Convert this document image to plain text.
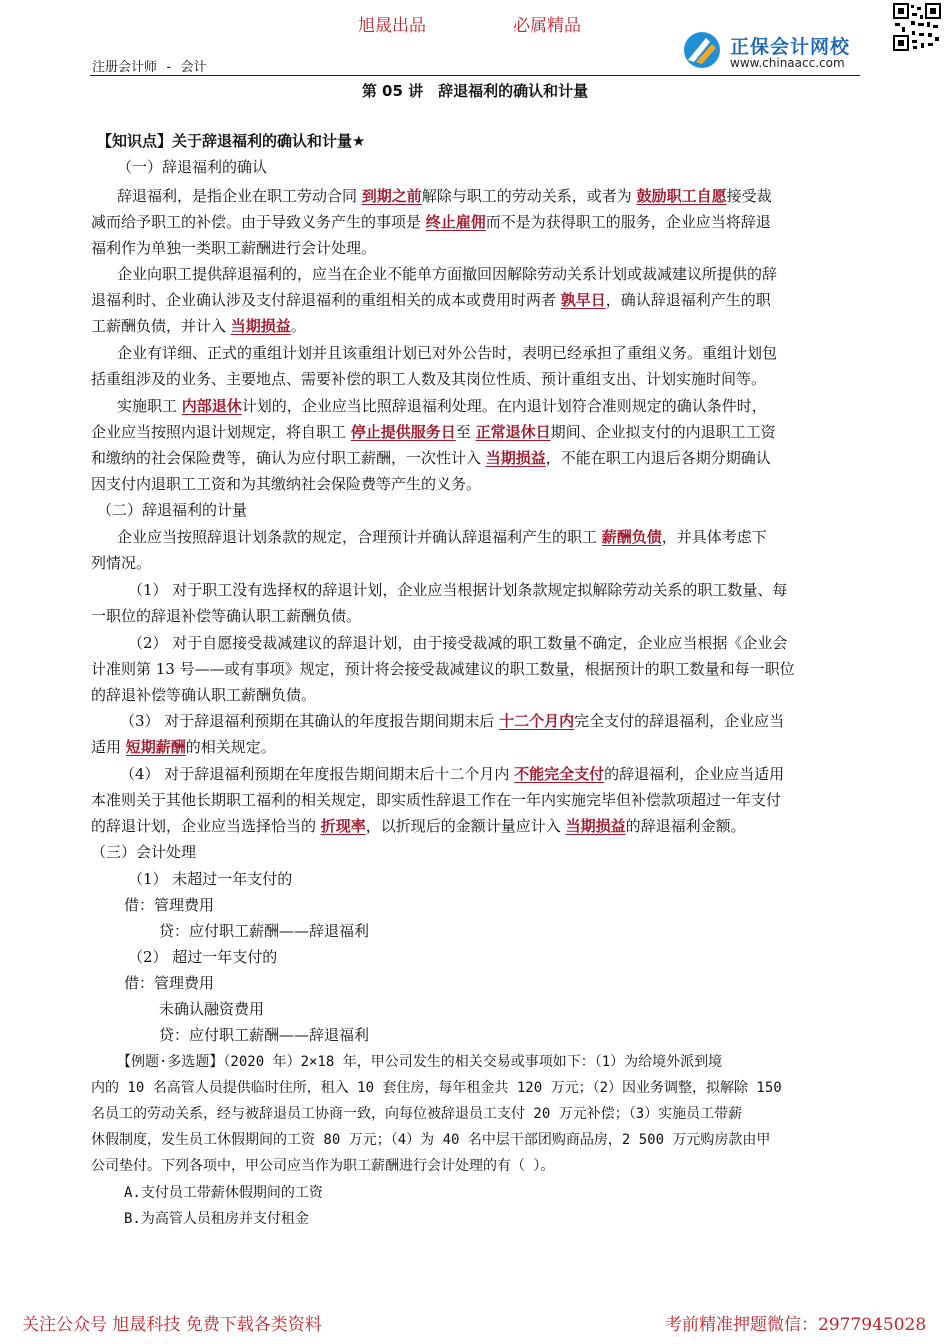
旭晟出品	必属精品
正保会计网校
www.chinaacc.com
注册会计师 - 会计
第 05 讲　辞退福利的确认和计量
【知识点】关于辞退福利的确认和计量★
（一）辞退福利的确认
辞退福利，是指企业在职工劳动合同 到期之前解除与职工的劳动关系，或者为 鼓励职工自愿接受裁
减而给予职工的补偿。由于导致义务产生的事项是 终止雇佣而不是为获得职工的服务，企业应当将辞退
福利作为单独一类职工薪酬进行会计处理。
企业向职工提供辞退福利的，应当在企业不能单方面撤回因解除劳动关系计划或裁减建议所提供的辞
退福利时、企业确认涉及支付辞退福利的重组相关的成本或费用时两者 孰早日，确认辞退福利产生的职
工薪酬负债，并计入 当期损益。
企业有详细、正式的重组计划并且该重组计划已对外公告时，表明已经承担了重组义务。重组计划包
括重组涉及的业务、主要地点、需要补偿的职工人数及其岗位性质、预计重组支出、计划实施时间等。
实施职工 内部退休计划的，企业应当比照辞退福利处理。在内退计划符合准则规定的确认条件时，
企业应当按照内退计划规定，将自职工 停止提供服务日至 正常退休日期间、企业拟支付的内退职工工资
和缴纳的社会保险费等，确认为应付职工薪酬，一次性计入 当期损益，不能在职工内退后各期分期确认
因支付内退职工工资和为其缴纳社会保险费等产生的义务。
（二）辞退福利的计量
企业应当按照辞退计划条款的规定，合理预计并确认辞退福利产生的职工 薪酬负债，并具体考虑下
列情况。
（1） 对于职工没有选择权的辞退计划，企业应当根据计划条款规定拟解除劳动关系的职工数量、每
一职位的辞退补偿等确认职工薪酬负债。
（2） 对于自愿接受裁减建议的辞退计划，由于接受裁减的职工数量不确定，企业应当根据《企业会
计准则第 13 号——或有事项》规定，预计将会接受裁减建议的职工数量，根据预计的职工数量和每一职位
的辞退补偿等确认职工薪酬负债。
（3） 对于辞退福利预期在其确认的年度报告期间期末后 十二个月内完全支付的辞退福利，企业应当
适用 短期薪酬的相关规定。
（4） 对于辞退福利预期在年度报告期间期末后十二个月内 不能完全支付的辞退福利，企业应当适用
本准则关于其他长期职工福利的相关规定，即实质性辞退工作在一年内实施完毕但补偿款项超过一年支付
的辞退计划，企业应当选择恰当的 折现率，以折现后的金额计量应计入 当期损益的辞退福利金额。
（三）会计处理
（1） 未超过一年支付的
借：管理费用
贷：应付职工薪酬——辞退福利
（2） 超过一年支付的
借：管理费用
未确认融资费用
贷：应付职工薪酬——辞退福利
【例题·多选题】（2020 年）2×18 年，甲公司发生的相关交易或事项如下：（1）为给境外派到境
内的 10 名高管人员提供临时住所，租入 10 套住房，每年租金共 120 万元；（2）因业务调整，拟解除 150
名员工的劳动关系，经与被辞退员工协商一致，向每位被辞退员工支付 20 万元补偿；（3）实施员工带薪
休假制度，发生员工休假期间的工资 80 万元；（4）为 40 名中层干部团购商品房，2 500 万元购房款由甲
公司垫付。下列各项中，甲公司应当作为职工薪酬进行会计处理的有（ ）。
A.支付员工带薪休假期间的工资
B.为高管人员租房并支付租金
关注公众号 旭晟科技 免费下载各类资料	考前精准押题微信：2977945028
